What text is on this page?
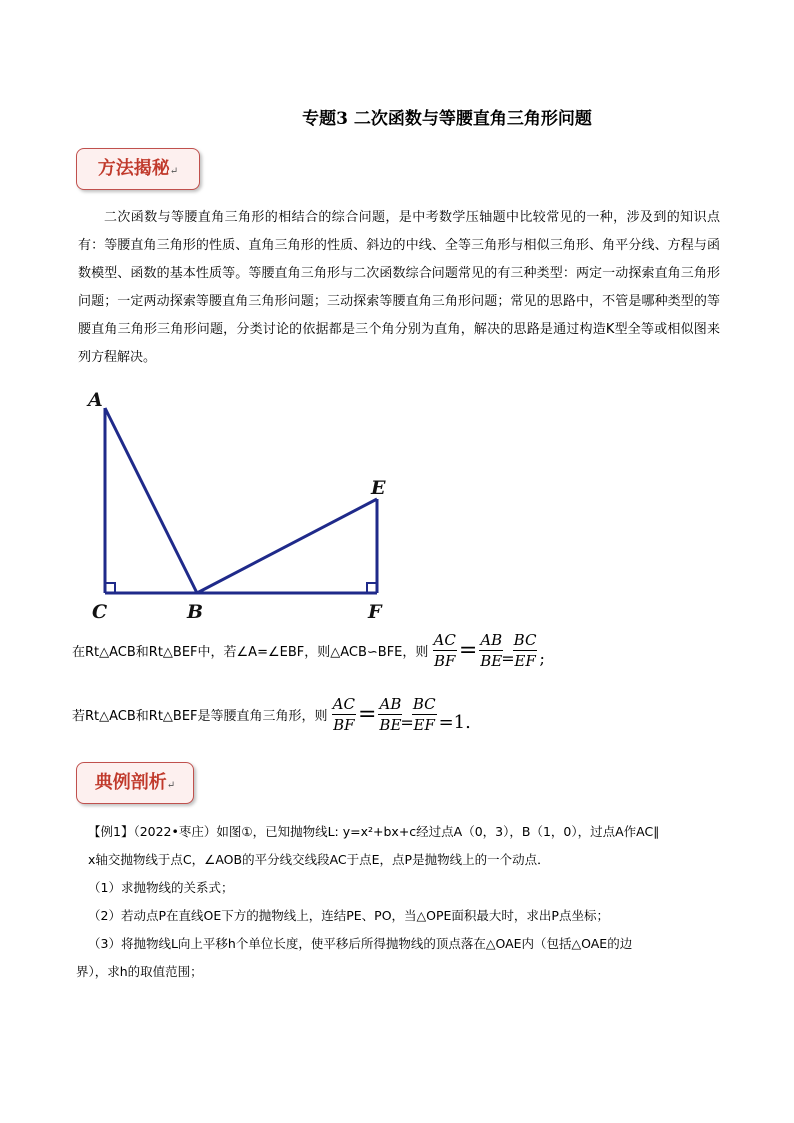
专题3 二次函数与等腰直角三角形问题
方法揭秘↵
二次函数与等腰直角三角形的相结合的综合问题，是中考数学压轴题中比较常见的一种，涉及到的知识点有：等腰直角三角形的性质、直角三角形的性质、斜边的中线、全等三角形与相似三角形、角平分线、方程与函数模型、函数的基本性质等。等腰直角三角形与二次函数综合问题常见的有三种类型：两定一动探索直角三角形问题；一定两动探索等腰直角三角形问题；三动探索等腰直角三角形问题；常见的思路中，不管是哪种类型的等腰直角三角形三角形问题，分类讨论的依据都是三个角分别为直角，解决的思路是通过构造K型全等或相似图来列方程解决。
A
C	B
E
F
在Rt△ACB和Rt△BEF中，若∠A=∠EBF，则△ACB∽BFE，则 $\frac{AC}{BF} = \frac{AB}{BE}$
=
$\frac{BC}{EF}$ ;
若Rt△ACB和Rt△BEF是等腰直角三角形，则 $\frac{AC}{BF} = \frac{AB}{BE}$
=
$\frac{BC}{EF} =1$.
典例剖析↵
【例1】（2022•枣庄）如图①，已知抛物线L: y=x²+bx+c经过点A（0，3），B（1，0），过点A作AC∥
x轴交抛物线于点C，∠AOB的平分线交线段AC于点E，点P是抛物线上的一个动点．
（1）求抛物线的关系式；
（2）若动点P在直线OE下方的抛物线上，连结PE、PO，当△OPE面积最大时，求出P点坐标；
（3）将抛物线L向上平移h个单位长度，使平移后所得抛物线的顶点落在△OAE内（包括△OAE的边
界），求h的取值范围；
